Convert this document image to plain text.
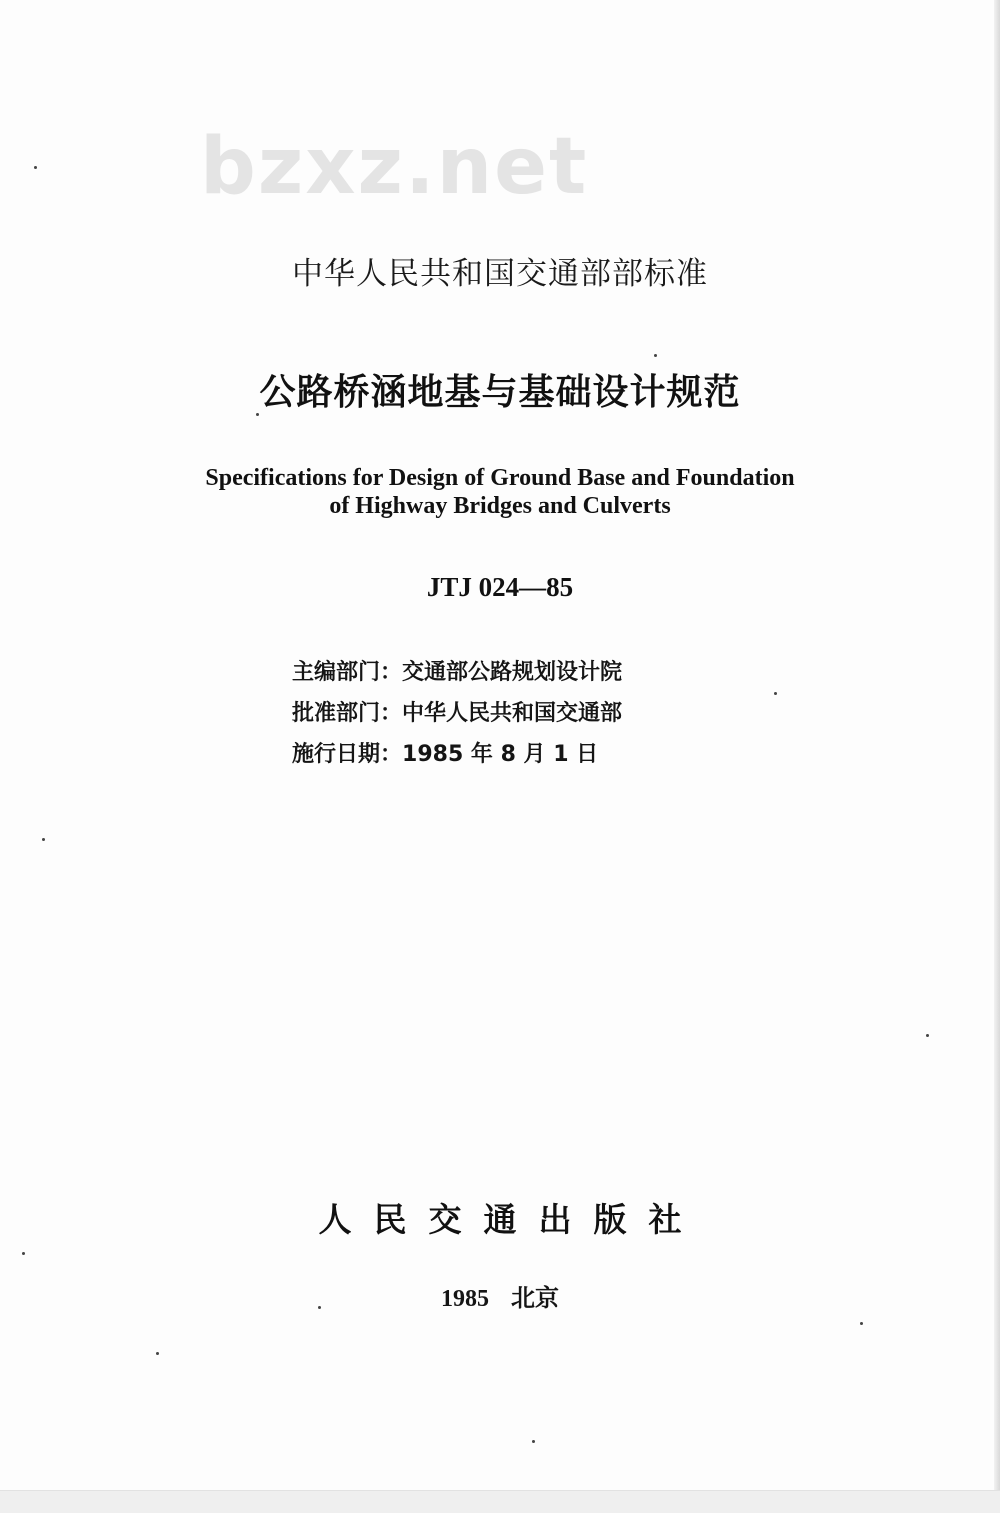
bzxz.net
中华人民共和国交通部部标准
公路桥涵地基与基础设计规范
Specifications for Design of Ground Base and Foundation
of Highway Bridges and Culverts
JTJ 024—85
主编部门：交通部公路规划设计院
批准部门：中华人民共和国交通部
施行日期：1985 年 8 月 1 日
人民交通出版社
1985 北京
